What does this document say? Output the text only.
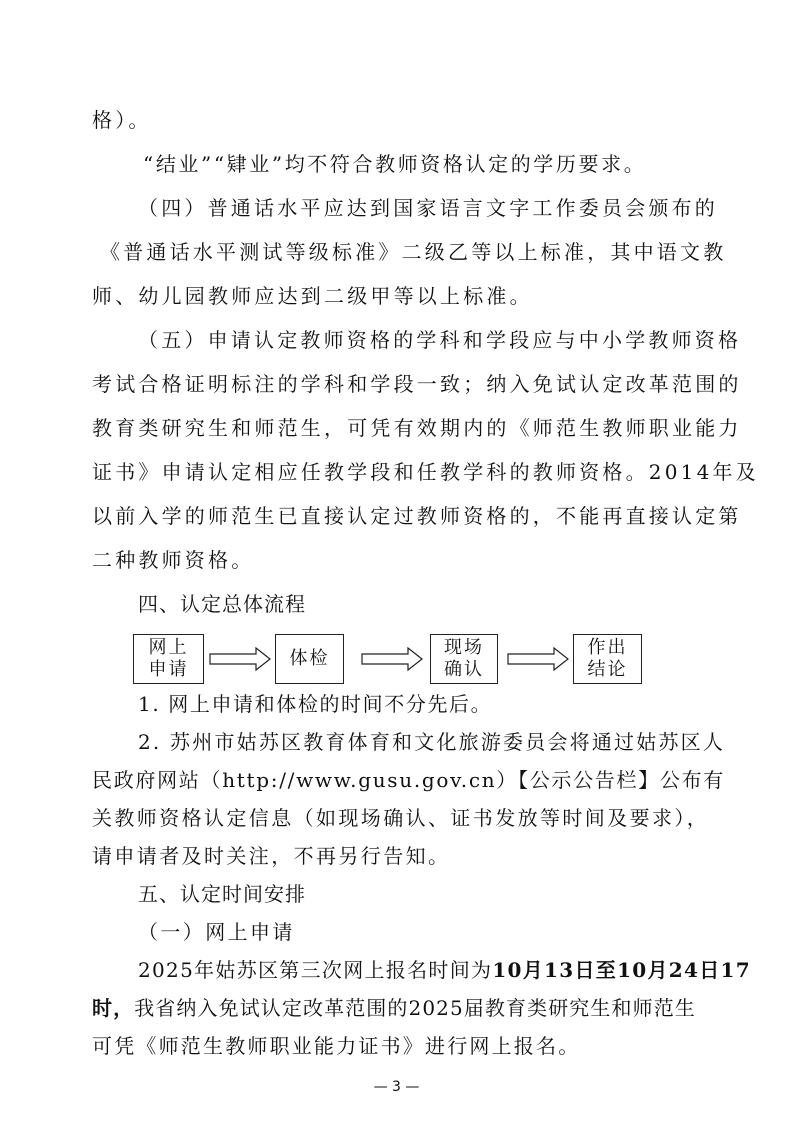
格）。
“结业”“肄业”均不符合教师资格认定的学历要求。
（四）普通话水平应达到国家语言文字工作委员会颁布的
《普通话水平测试等级标准》二级乙等以上标准，其中语文教
师、幼儿园教师应达到二级甲等以上标准。
（五）申请认定教师资格的学科和学段应与中小学教师资格
考试合格证明标注的学科和学段一致；纳入免试认定改革范围的
教育类研究生和师范生，可凭有效期内的《师范生教师职业能力
证书》申请认定相应任教学段和任教学科的教师资格。2014年及
以前入学的师范生已直接认定过教师资格的，不能再直接认定第
二种教师资格。
四、认定总体流程
网上
申请
体检
现场
确认
作出
结论
1. 网上申请和体检的时间不分先后。
2. 苏州市姑苏区教育体育和文化旅游委员会将通过姑苏区人
民政府网站（http://www.gusu.gov.cn）【公示公告栏】公布有
关教师资格认定信息（如现场确认、证书发放等时间及要求），
请申请者及时关注，不再另行告知。
五、认定时间安排
（一）网上申请
2025年姑苏区第三次网上报名时间为10月13日至10月24日17
时，我省纳入免试认定改革范围的2025届教育类研究生和师范生
可凭《师范生教师职业能力证书》进行网上报名。
— 3 —
